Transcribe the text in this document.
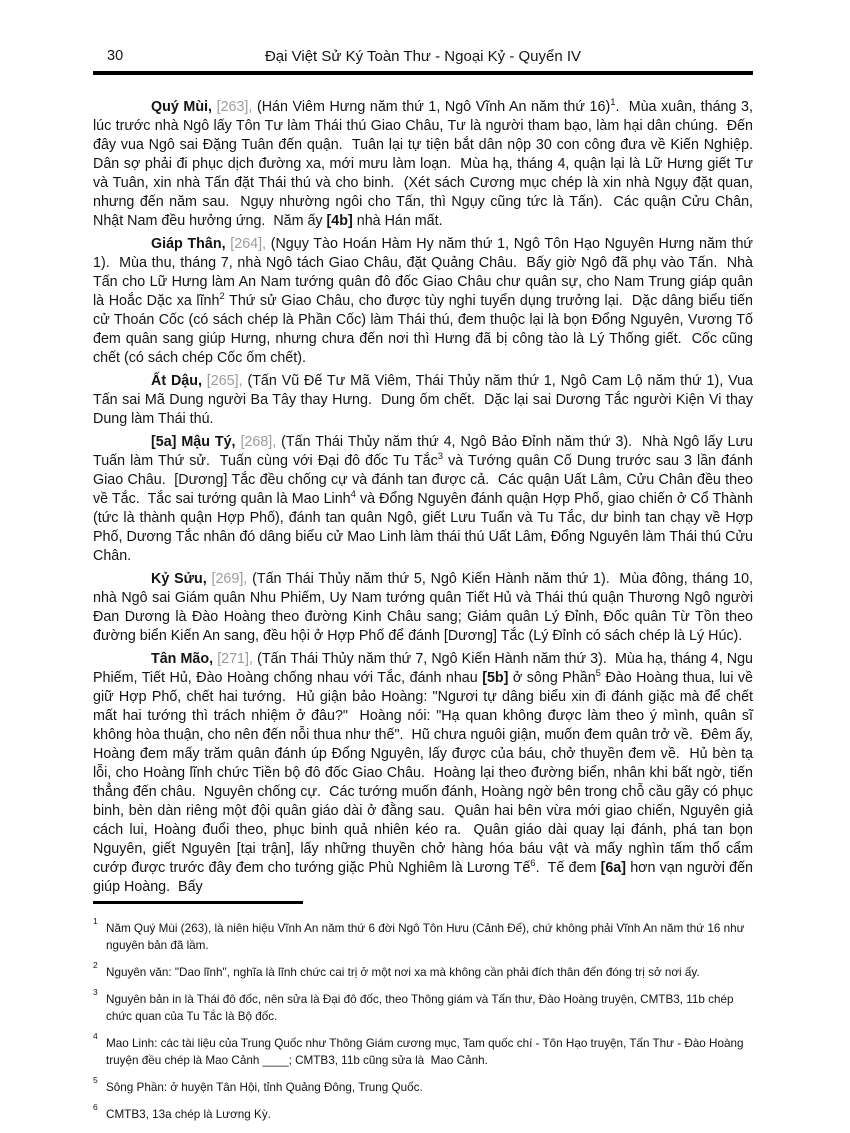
30	Đại Việt Sử Ký Toàn Thư - Ngoại Kỷ - Quyển IV

Quý Mùi, [263], (Hán Viêm Hưng năm thứ 1, Ngô Vĩnh An năm thứ 16)$^1$.  Mùa xuân, tháng 3, lúc trước nhà Ngô lấy Tôn Tư làm Thái thú Giao Châu, Tư là người tham bạo, làm hại dân chúng.  Đến đây vua Ngô sai Đặng Tuân đến quận.  Tuân lại tự tiện bắt dân nộp 30 con công đưa về Kiến Nghiệp.  Dân sợ phải đi phục dịch đường xa, mới mưu làm loạn.  Mùa hạ, tháng 4, quận lại là Lữ Hưng giết Tư và Tuân, xin nhà Tấn đặt Thái thú và cho binh.  (Xét sách Cương mục chép là xin nhà Ngụy đặt quan, nhưng đến năm sau.  Ngụy nhường ngôi cho Tấn, thì Ngụy cũng tức là Tấn).  Các quận Cửu Chân, Nhật Nam đều hưởng ứng.  Năm ấy [4b] nhà Hán mất.

Giáp Thân, [264], (Ngụy Tào Hoán Hàm Hy năm thứ 1, Ngô Tôn Hạo Nguyên Hưng năm thứ 1).  Mùa thu, tháng 7, nhà Ngô tách Giao Châu, đặt Quảng Châu.  Bấy giờ Ngô đã phụ vào Tấn.  Nhà Tấn cho Lữ Hưng làm An Nam tướng quân đô đốc Giao Châu chư quân sự, cho Nam Trung giáp quân là Hoắc Dặc xa lĩnh$^2$ Thứ sử Giao Châu, cho được tùy nghi tuyển dụng trưởng lại.  Dặc dâng biểu tiến cử Thoán Cốc (có sách chép là Phần Cốc) làm Thái thú, đem thuộc lại là bọn Đổng Nguyên, Vương Tố đem quân sang giúp Hưng, nhưng chưa đến nơi thì Hưng đã bị công tào là Lý Thống giết.  Cốc cũng chết (có sách chép Cốc ốm chết).

Ất Dậu, [265], (Tấn Vũ Đế Tư Mã Viêm, Thái Thủy năm thứ 1, Ngô Cam Lộ năm thứ 1), Vua Tấn sai Mã Dung người Ba Tây thay Hưng.  Dung ốm chết.  Dặc lại sai Dương Tắc người Kiện Vi thay Dung làm Thái thú.

[5a] Mậu Tý, [268], (Tấn Thái Thủy năm thứ 4, Ngô Bảo Đỉnh năm thứ 3).  Nhà Ngô lấy Lưu Tuấn làm Thứ sử.  Tuấn cùng với Đại đô đốc Tu Tắc$^3$ và Tướng quân Cố Dung trước sau 3 lần đánh Giao Châu.  [Dương] Tắc đều chống cự và đánh tan được cả.  Các quận Uất Lâm, Cửu Chân đều theo về Tắc.  Tắc sai tướng quân là Mao Linh$^4$ và Đổng Nguyên đánh quận Hợp Phố, giao chiến ở Cổ Thành (tức là thành quận Hợp Phố), đánh tan quân Ngô, giết Lưu Tuấn và Tu Tắc, dư binh tan chạy về Hợp Phố, Dương Tắc nhân đó dâng biểu cử Mao Linh làm thái thú Uất Lâm, Đổng Nguyên làm Thái thú Cửu Chân.

Kỷ Sửu, [269], (Tấn Thái Thủy năm thứ 5, Ngô Kiến Hành năm thứ 1).  Mùa đông, tháng 10, nhà Ngô sai Giám quân Nhu Phiếm, Uy Nam tướng quân Tiết Hủ và Thái thú quận Thương Ngô người Đan Dương là Đào Hoàng theo đường Kinh Châu sang; Giám quân Lý Đỉnh, Đốc quân Từ Tồn theo đường biển Kiến An sang, đều hội ở Hợp Phố để đánh [Dương] Tắc (Lý Đỉnh có sách chép là Lý Húc).

Tân Mão, [271], (Tấn Thái Thủy năm thứ 7, Ngô Kiến Hành năm thứ 3).  Mùa hạ, tháng 4, Ngu Phiếm, Tiết Hủ, Đào Hoàng chống nhau với Tắc, đánh nhau [5b] ở sông Phần$^5$ Đào Hoàng thua, lui về giữ Hợp Phố, chết hai tướng.  Hủ giận bảo Hoàng: "Ngươi tự dâng biểu xin đi đánh giặc mà để chết mất hai tướng thì trách nhiệm ở đâu?"  Hoàng nói: "Hạ quan không được làm theo ý mình, quân sĩ không hòa thuận, cho nên đến nỗi thua như thế".  Hũ chưa nguôi giận, muốn đem quân trở về.  Đêm ấy, Hoàng đem mấy trăm quân đánh úp Đổng Nguyên, lấy được của báu, chở thuyền đem về.  Hủ bèn tạ lỗi, cho Hoàng lĩnh chức Tiền bộ đô đốc Giao Châu.  Hoàng lại theo đường biển, nhân khi bất ngờ, tiến thẳng đến châu.  Nguyên chống cự.  Các tướng muốn đánh, Hoàng ngờ bên trong chỗ cầu gãy có phục binh, bèn dàn riêng một đội quân giáo dài ở đằng sau.  Quân hai bên vừa mới giao chiến, Nguyên giả cách lui, Hoàng đuổi theo, phục binh quả nhiên kéo ra.  Quân giáo dài quay lại đánh, phá tan bọn Nguyên, giết Nguyên [tại trận], lấy những thuyền chở hàng hóa báu vật và mấy nghìn tấm thổ cẩm cướp được trước đây đem cho tướng giặc Phù Nghiêm là Lương Tế$^6$.  Tế đem [6a] hơn vạn người đến giúp Hoàng.  Bấy

1
Năm Quý Mùi (263), là niên hiệu Vĩnh An năm thứ 6 đời Ngô Tôn Hưu (Cảnh Đế), chứ không phải Vĩnh An năm thứ 16 như nguyên bản đã lầm.

2
Nguyên văn: "Dao lĩnh", nghĩa là lĩnh chức cai trị ở một nơi xa mà không cần phải đích thân đến đóng trị sở nơi ấy.

3
Nguyên bản in là Thái đô đốc, nên sửa là Đại đô đốc, theo Thông giám và Tấn thư, Đào Hoàng truyện, CMTB3, 11b chép chức quan của Tu Tắc là Bộ đốc.

4
Mao Linh: các tài liệu của Trung Quốc như Thông Giám cương mục, Tam quốc chí - Tôn Hạo truyện, Tấn Thư - Đào Hoàng truyện đều chép là Mao Cảnh ____; CMTB3, 11b cũng sửa là  Mao Cảnh.

5
Sông Phần: ở huyện Tân Hội, tỉnh Quảng Đông, Trung Quốc.

6
CMTB3, 13a chép là Lương Kỳ.
